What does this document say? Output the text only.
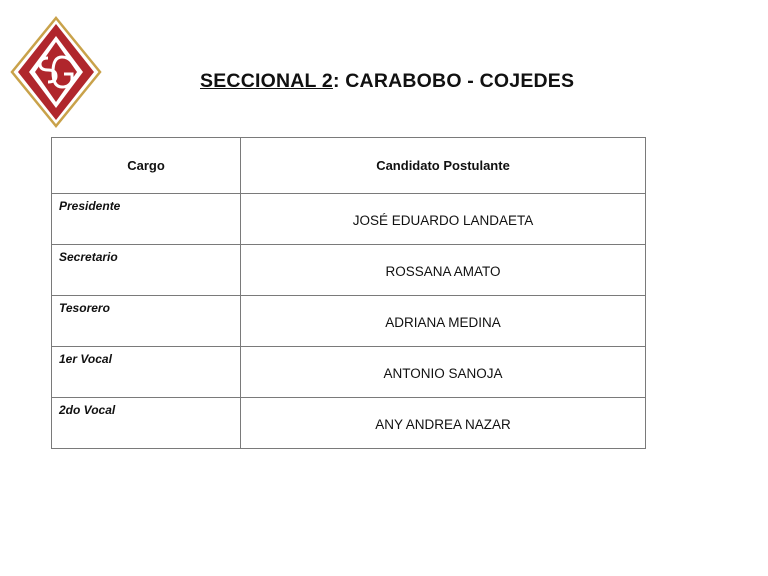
SECCIONAL 2: CARABOBO - COJEDES
Cargo	Candidato Postulante
Presidente	JOSÉ EDUARDO LANDAETA
Secretario	ROSSANA AMATO
Tesorero	ADRIANA MEDINA
1er Vocal	ANTONIO SANOJA
2do Vocal	ANY ANDREA NAZAR
